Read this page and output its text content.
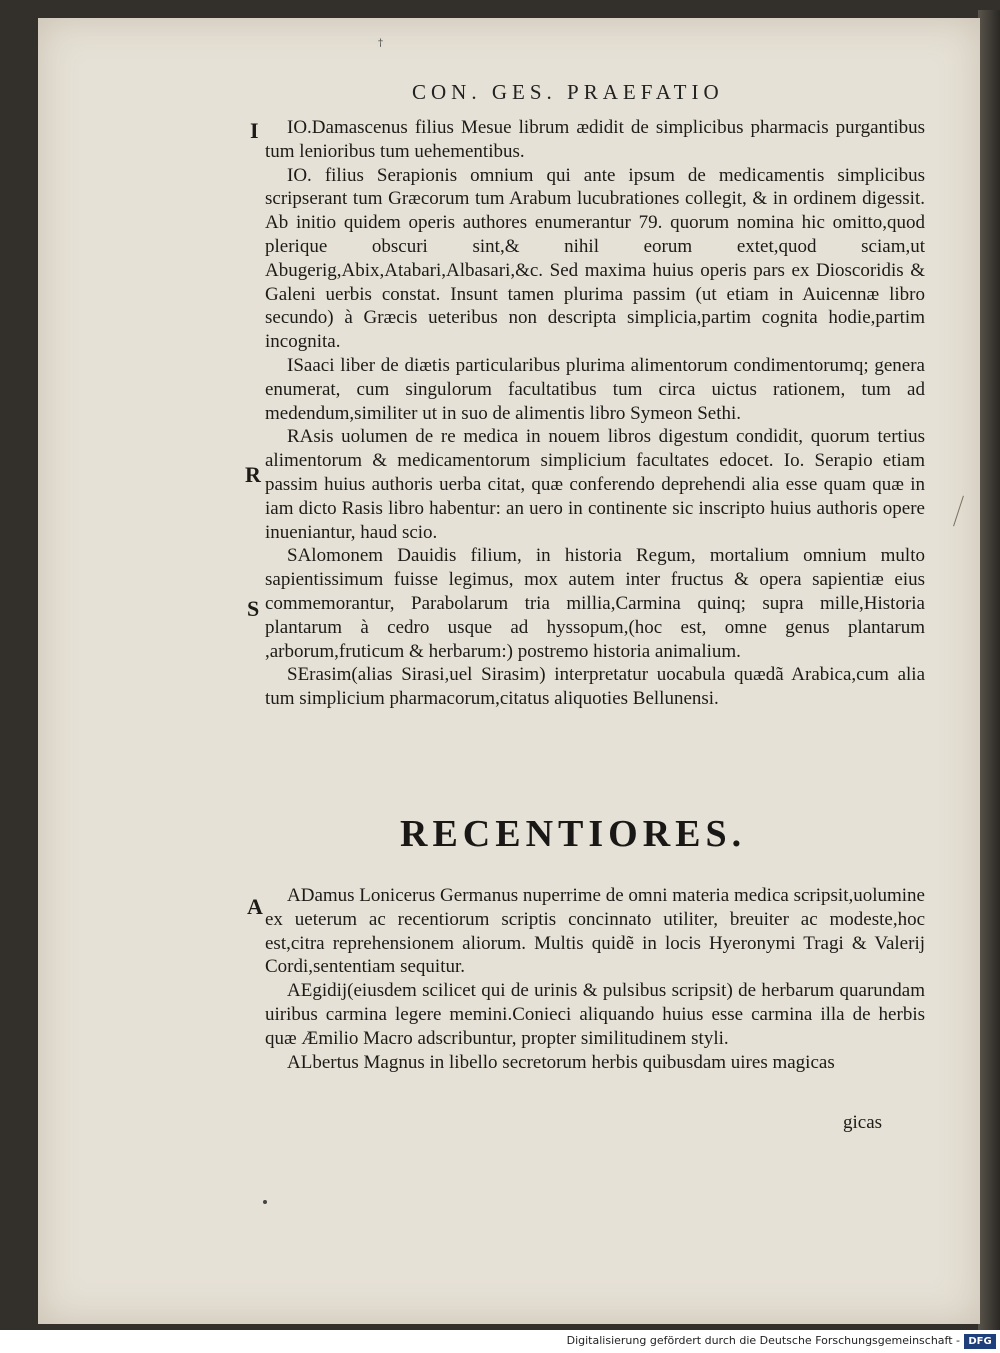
†
CON. GES. PRAEFATIO
I
R
S
A

IO.Damascenus filius Mesue librum ædidit de simplicibus pharmacis purgantibus tum lenioribus tum uehementibus.

IO. filius Serapionis omnium qui ante ipsum de medicamentis simplicibus scripserant tum Græcorum tum Arabum lucubrationes collegit, & in ordinem digessit. Ab initio quidem operis authores enumerantur 79. quorum nomina hic omitto,quod plerique obscuri sint,& nihil eorum extet,quod sciam,ut Abugerig,Abix,Atabari,Albasari,&c. Sed maxima huius operis pars ex Dioscoridis & Galeni uerbis constat. Insunt tamen plurima passim (ut etiam in Auicennæ libro secundo) à Græcis ueteribus non descripta simplicia,partim cognita hodie,partim incognita.

ISaaci liber de diætis particularibus plurima alimentorum condimentorumq; genera enumerat, cum singulorum facultatibus tum circa uictus rationem, tum ad medendum,similiter ut in suo de alimentis libro Symeon Sethi.

RAsis uolumen de re medica in nouem libros digestum condidit, quorum tertius alimentorum & medicamentorum simplicium facultates edocet. Io. Serapio etiam passim huius authoris uerba citat, quæ conferendo deprehendi alia esse quam quæ in iam dicto Rasis libro habentur: an uero in continente sic inscripto huius authoris opere inueniantur, haud scio.

SAlomonem Dauidis filium, in historia Regum, mortalium omnium multo sapientissimum fuisse legimus, mox autem inter fructus & opera sapientiæ eius commemorantur, Parabolarum tria millia,Carmina quinq; supra mille,Historia plantarum à cedro usque ad hyssopum,(hoc est, omne genus plantarum ,arborum,fruticum & herbarum:) postremo historia animalium.

SErasim(alias Sirasi,uel Sirasim) interpretatur uocabula quædã Arabica,cum alia tum simplicium pharmacorum,citatus aliquoties Bellunensi.

RECENTIORES.

ADamus Lonicerus Germanus nuperrime de omni materia medica scripsit,uolumine ex ueterum ac recentiorum scriptis concinnato utiliter, breuiter ac modeste,hoc est,citra reprehensionem aliorum. Multis quidẽ in locis Hyeronymi Tragi & Valerij Cordi,sententiam sequitur.

AEgidij(eiusdem scilicet qui de urinis & pulsibus scripsit) de herbarum quarundam uiribus carmina legere memini.Conieci aliquando huius esse carmina illa de herbis quæ Æmilio Macro adscribuntur, propter similitudinem styli.

ALbertus Magnus in libello secretorum herbis quibusdam uires magicas

gicas
Digitalisierung gefördert durch die Deutsche Forschungsgemeinschaft - DFG
